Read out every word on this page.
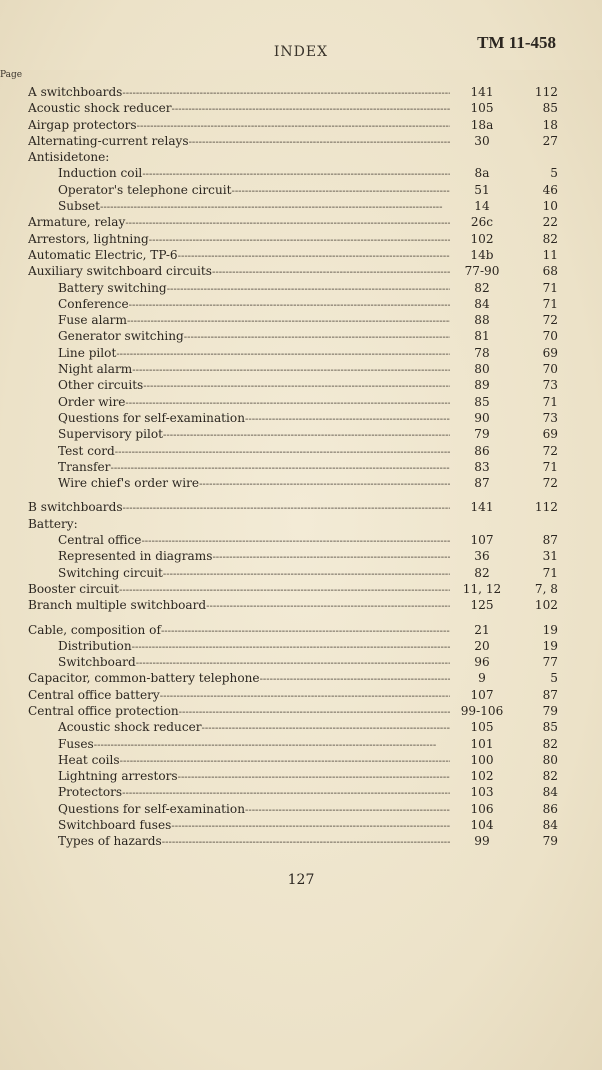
INDEX	TM 11-458
Page
A switchboards - - -	141	112
Acoustic shock reducer - - -	105	85
Airgap protectors - - -	18a	18
Alternating-current relays - - -	30	27
Antisidetone:
Induction coil - - -	8a	5
Operator's telephone circuit - - -	51	46
Subset - - -	14	10
Armature, relay - - -	26c	22
Arrestors, lightning - - -	102	82
Automatic Electric, TP-6 - - -	14b	11
Auxiliary switchboard circuits - - -	77-90	68
Battery switching - - -	82	71
Conference - - -	84	71
Fuse alarm - - -	88	72
Generator switching - - -	81	70
Line pilot - - -	78	69
Night alarm - - -	80	70
Other circuits - - -	89	73
Order wire - - -	85	71
Questions for self-examination - - -	90	73
Supervisory pilot - - -	79	69
Test cord - - -	86	72
Transfer - - -	83	71
Wire chief's order wire - - -	87	72
B switchboards - - -	141	112
Battery:
Central office - - -	107	87
Represented in diagrams - - -	36	31
Switching circuit - - -	82	71
Booster circuit - - -	11, 12	7, 8
Branch multiple switchboard - - -	125	102
Cable, composition of - - -	21	19
Distribution - - -	20	19
Switchboard - - -	96	77
Capacitor, common-battery telephone - - -	9	5
Central office battery - - -	107	87
Central office protection - - -	99-106	79
Acoustic shock reducer - - -	105	85
Fuses - - -	101	82
Heat coils - - -	100	80
Lightning arrestors - - -	102	82
Protectors - - -	103	84
Questions for self-examination - - -	106	86
Switchboard fuses - - -	104	84
Types of hazards - - -	99	79
127
